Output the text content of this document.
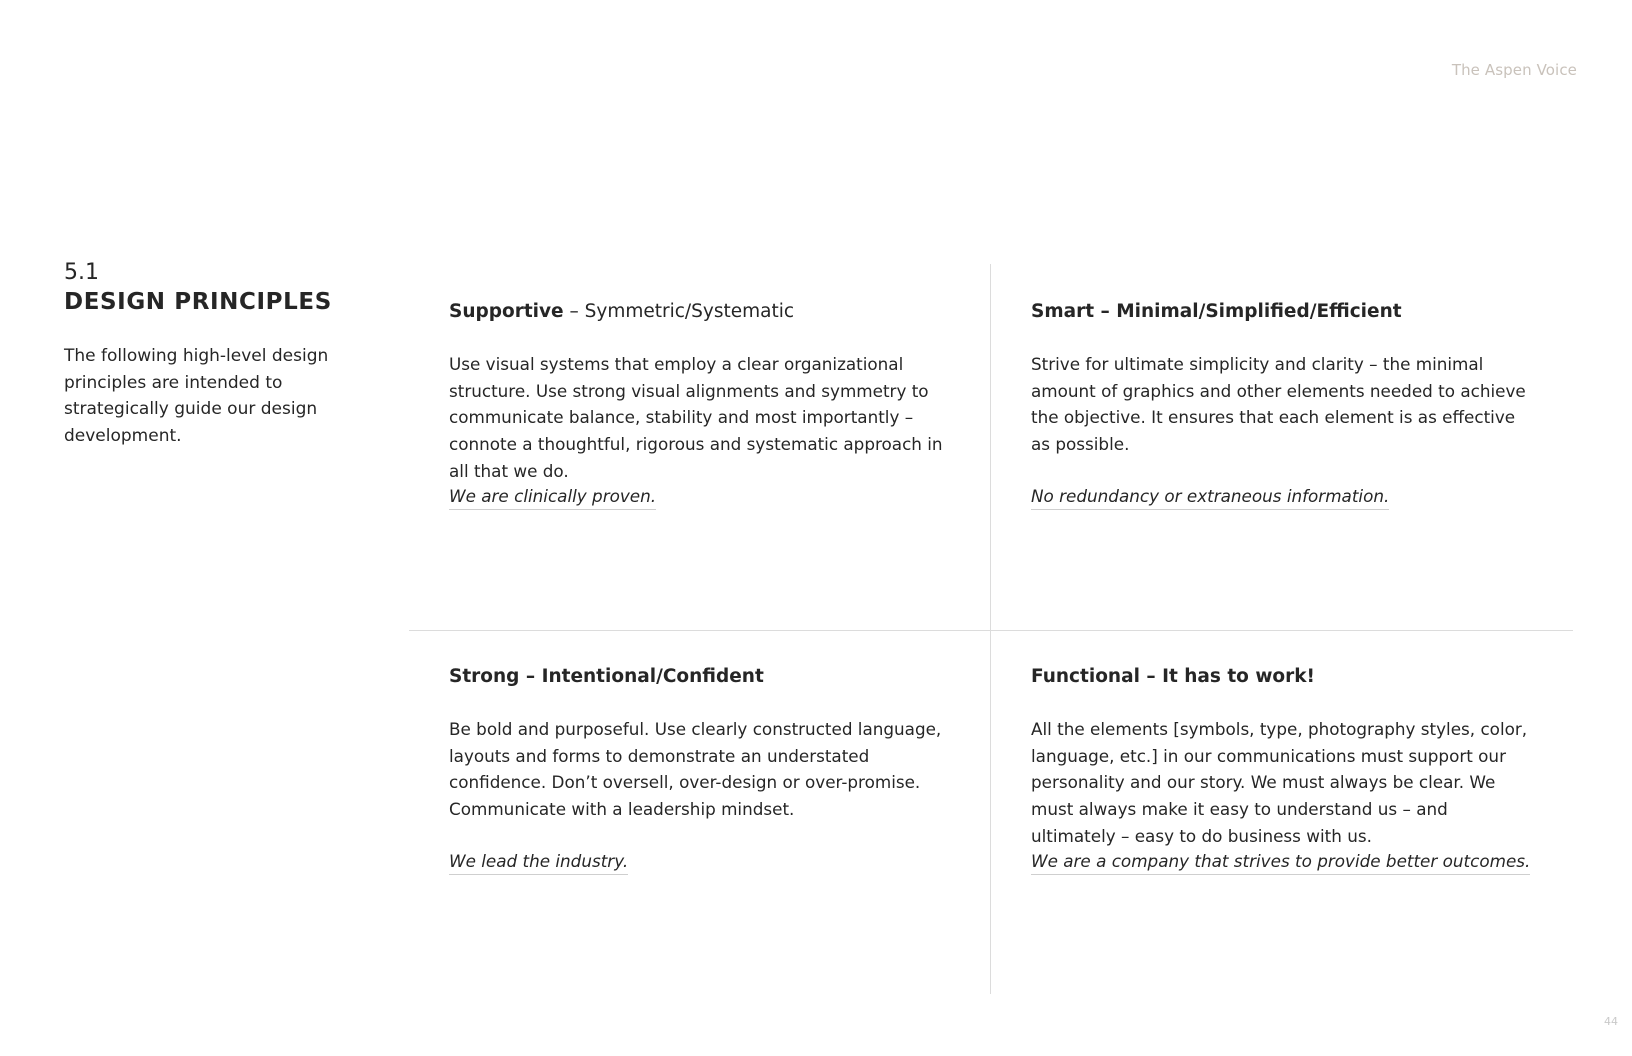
The Aspen Voice
5.1
DESIGN PRINCIPLES
The following high-level design principles are intended to strategically guide our design development.
Supportive – Symmetric/Systematic
Use visual systems that employ a clear organizational structure. Use strong visual alignments and symmetry to communicate balance, stability and most importantly – connote a thoughtful, rigorous and systematic approach in all that we do.
We are clinically proven.
Smart – Minimal/Simplified/Efficient
Strive for ultimate simplicity and clarity – the minimal amount of graphics and other elements needed to achieve the objective. It ensures that each element is as effective as possible.
No redundancy or extraneous information.
Strong – Intentional/Confident
Be bold and purposeful. Use clearly constructed language, layouts and forms to demonstrate an understated confidence. Don’t oversell, over-design or over-promise. Communicate with a leadership mindset.
We lead the industry.
Functional – It has to work!
All the elements [symbols, type, photography styles, color, language, etc.] in our communications must support our personality and our story. We must always be clear. We must always make it easy to understand us – and ultimately – easy to do business with us.
We are a company that strives to provide better outcomes.
44
